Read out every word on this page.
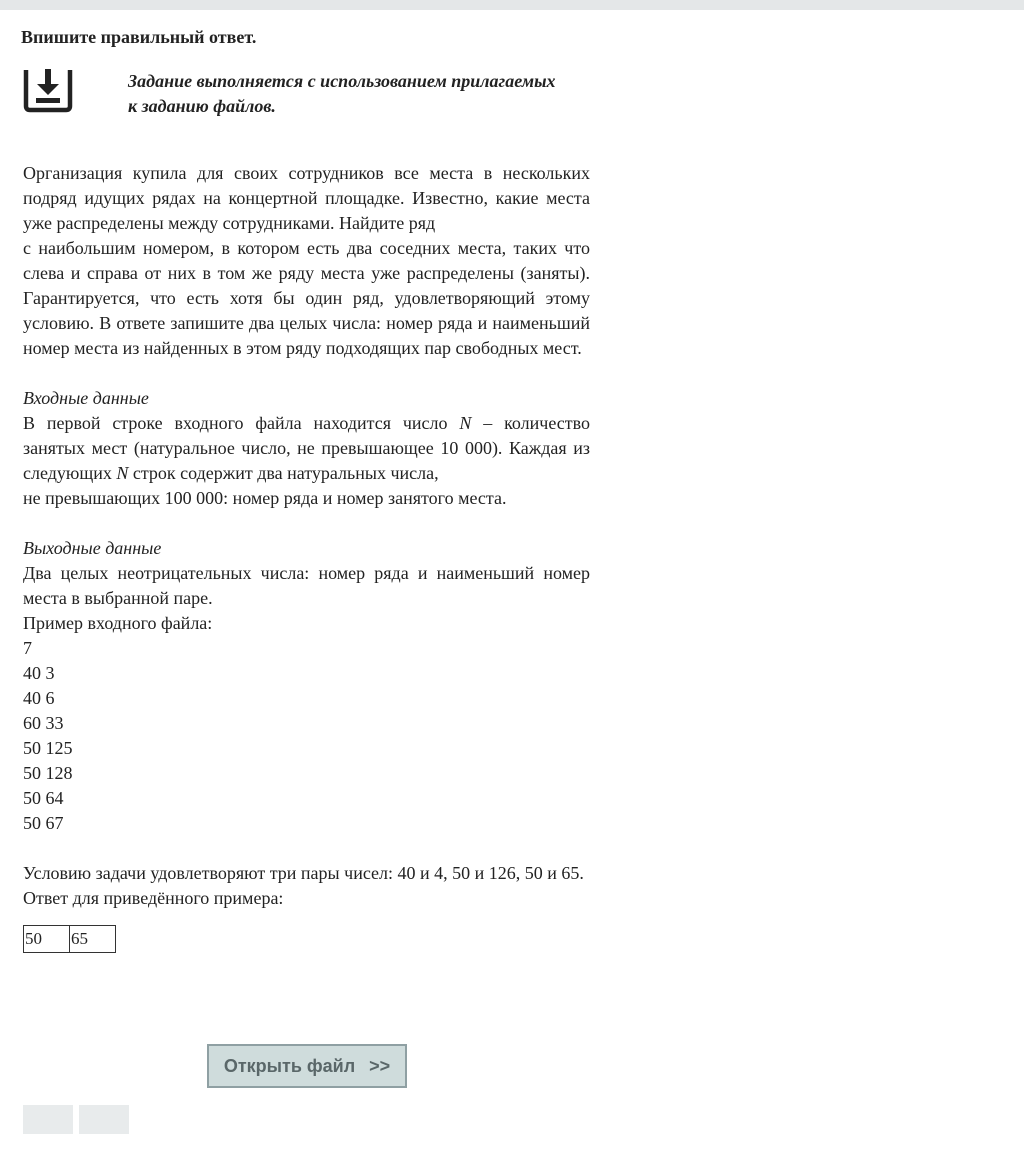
Впишите правильный ответ.
Задание выполняется с использованием прилагаемых
к заданию файлов.

Организация купила для своих сотрудников все места в нескольких подряд идущих рядах на концертной площадке. Известно, какие места уже распределены между сотрудниками. Найдите ряд

с наибольшим номером, в котором есть два соседних места, таких что слева и справа от них в том же ряду места уже распределены (заняты). Гарантируется, что есть хотя бы один ряд, удовлетворяющий этому условию. В ответе запишите два целых числа: номер ряда и наименьший номер места из найденных в этом ряду подходящих пар свободных мест.

Входные данные

В первой строке входного файла находится число N – количество занятых мест (натуральное число, не превышающее 10 000). Каждая из следующих N строк содержит два натуральных числа,

не превышающих 100 000: номер ряда и номер занятого места.

Выходные данные

Два целых неотрицательных числа: номер ряда и наименьший номер места в выбранной паре.

Пример входного файла:

7
40 3
40 6
60 33
50 125
50 128
50 64
50 67

Условию задачи удовлетворяют три пары чисел: 40 и 4, 50 и 126, 50 и 65.

Ответ для приведённого примера:

50	65
Открыть файл >>
